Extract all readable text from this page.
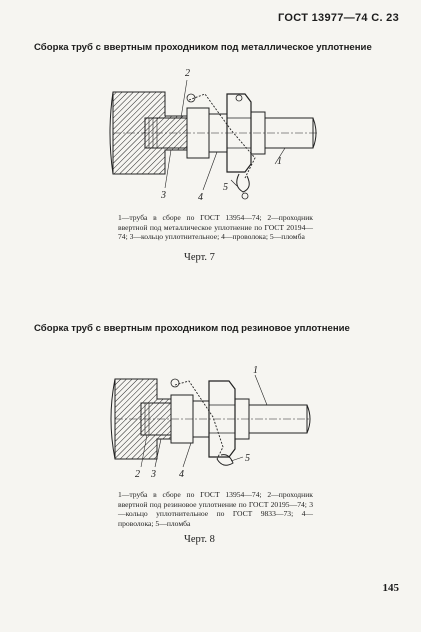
ГОСТ 13977—74 С. 23
Сборка труб с ввертным проходником под металлическое уплотнение
2
3	4
1
5
1—труба в сборе по ГОСТ 13954—74; 2—проходник ввертной под металлическое уплотнение по ГОСТ 20194—74; 3—кольцо уплотнительное; 4—проволока; 5—пломба
Черт. 7
Сборка труб с ввертным проходником под резиновое уплотнение
2 3 4
1
5
1—труба в сборе по ГОСТ 13954—74; 2—проходник ввертной под резиновое уплотнение по ГОСТ 20195—74; 3—кольцо уплотнительное по ГОСТ 9833—73; 4—проволока; 5—пломба
Черт. 8
145
